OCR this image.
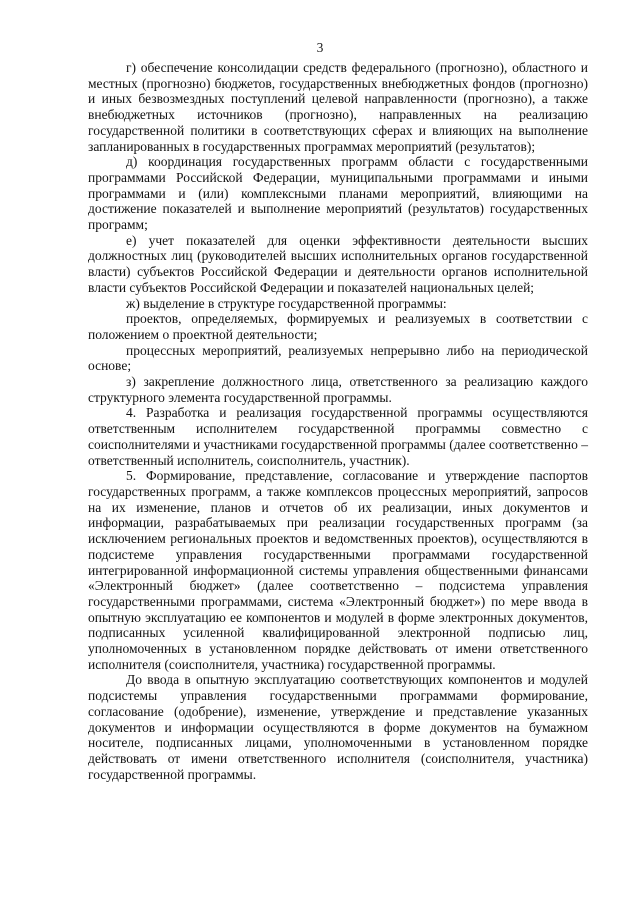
3

г) обеспечение консолидации средств федерального (прогнозно), областного и местных (прогнозно) бюджетов, государственных внебюджетных фондов (прогнозно) и иных безвозмездных поступлений целевой направленности (прогнозно), а также внебюджетных источников (прогнозно), направленных на реализацию государственной политики в соответствующих сферах и влияющих на выполнение запланированных в государственных программах мероприятий (результатов);

д) координация государственных программ области с государственными программами Российской Федерации, муниципальными программами и иными программами и (или) комплексными планами мероприятий, влияющими на достижение показателей и выполнение мероприятий (результатов) государственных программ;

е) учет показателей для оценки эффективности деятельности высших должностных лиц (руководителей высших исполнительных органов государственной власти) субъектов Российской Федерации и деятельности органов исполнительной власти субъектов Российской Федерации и показателей национальных целей;

ж) выделение в структуре государственной программы:

проектов, определяемых, формируемых и реализуемых в соответствии с положением о проектной деятельности;

процессных мероприятий, реализуемых непрерывно либо на периодической основе;

з) закрепление должностного лица, ответственного за реализацию каждого структурного элемента государственной программы.

4. Разработка и реализация государственной программы осуществляются ответственным исполнителем государственной программы совместно с соисполнителями и участниками государственной программы (далее соответственно – ответственный исполнитель, соисполнитель, участник).

5. Формирование, представление, согласование и утверждение паспортов государственных программ, а также комплексов процессных мероприятий, запросов на их изменение, планов и отчетов об их реализации, иных документов и информации, разрабатываемых при реализации государственных программ (за исключением региональных проектов и ведомственных проектов), осуществляются в подсистеме управления государственными программами государственной интегрированной информационной системы управления общественными финансами «Электронный бюджет» (далее соответственно – подсистема управления государственными программами, система «Электронный бюджет») по мере ввода в опытную эксплуатацию ее компонентов и модулей в форме электронных документов, подписанных усиленной квалифицированной электронной подписью лиц, уполномоченных в установленном порядке действовать от имени ответственного исполнителя (соисполнителя, участника) государственной программы.

До ввода в опытную эксплуатацию соответствующих компонентов и модулей подсистемы управления государственными программами формирование, согласование (одобрение), изменение, утверждение и представление указанных документов и информации осуществляются в форме документов на бумажном носителе, подписанных лицами, уполномоченными в установленном порядке действовать от имени ответственного исполнителя (соисполнителя, участника) государственной программы.
